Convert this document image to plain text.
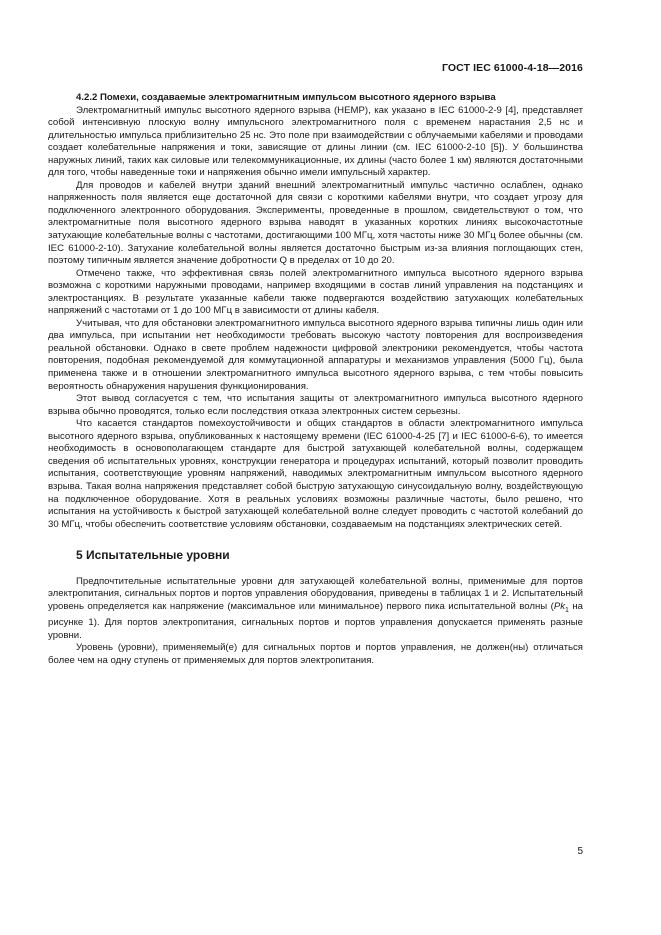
ГОСТ IEC 61000-4-18—2016

4.2.2 Помехи, создаваемые электромагнитным импульсом высотного ядерного взрыва

Электромагнитный импульс высотного ядерного взрыва (HEMP), как указано в IEC 61000-2-9 [4], представляет собой интенсивную плоскую волну импульсного электромагнитного поля с временем нарастания 2,5 нс и длительностью импульса приблизительно 25 нс. Это поле при взаимодействии с облучаемыми кабелями и проводами создает колебательные напряжения и токи, зависящие от длины линии (см. IEC 61000-2-10 [5]). У большинства наружных линий, таких как силовые или телекоммуникационные, их длины (часто более 1 км) являются достаточными для того, чтобы наведенные токи и напряжения обычно имели импульсный характер.

Для проводов и кабелей внутри зданий внешний электромагнитный импульс частично ослаблен, однако напряженность поля является еще достаточной для связи с короткими кабелями внутри, что создает угрозу для подключенного электронного оборудования. Эксперименты, проведенные в прошлом, свидетельствуют о том, что электромагнитные поля высотного ядерного взрыва наводят в указанных коротких линиях высокочастотные затухающие колебательные волны с частотами, достигающими 100 МГц, хотя частоты ниже 30 МГц более обычны (см. IEC 61000-2-10). Затухание колебательной волны является достаточно быстрым из-за влияния поглощающих стен, поэтому типичным является значение добротности Q в пределах от 10 до 20.

Отмечено также, что эффективная связь полей электромагнитного импульса высотного ядерного взрыва возможна с короткими наружными проводами, например входящими в состав линий управления на подстанциях и электростанциях. В результате указанные кабели также подвергаются воздействию затухающих колебательных напряжений с частотами от 1 до 100 МГц в зависимости от длины кабеля.

Учитывая, что для обстановки электромагнитного импульса высотного ядерного взрыва типичны лишь один или два импульса, при испытании нет необходимости требовать высокую частоту повторения для воспроизведения реальной обстановки. Однако в свете проблем надежности цифровой электроники рекомендуется, чтобы частота повторения, подобная рекомендуемой для коммутационной аппаратуры и механизмов управления (5000 Гц), была применена также и в отношении электромагнитного импульса высотного ядерного взрыва, с тем чтобы повысить вероятность обнаружения нарушения функционирования.

Этот вывод согласуется с тем, что испытания защиты от электромагнитного импульса высотного ядерного взрыва обычно проводятся, только если последствия отказа электронных систем серьезны.

Что касается стандартов помехоустойчивости и общих стандартов в области электромагнитного импульса высотного ядерного взрыва, опубликованных к настоящему времени (IEC 61000-4-25 [7] и IEC 61000-6-6), то имеется необходимость в основополагающем стандарте для быстрой затухающей колебательной волны, содержащем сведения об испытательных уровнях, конструкции генератора и процедурах испытаний, который позволит проводить испытания, соответствующие уровням напряжений, наводимых электромагнитным импульсом высотного ядерного взрыва. Такая волна напряжения представляет собой быструю затухающую синусоидальную волну, воздействующую на подключенное оборудование. Хотя в реальных условиях возможны различные частоты, было решено, что испытания на устойчивость к быстрой затухающей колебательной волне следует проводить с частотой колебаний до 30 МГц, чтобы обеспечить соответствие условиям обстановки, создаваемым на подстанциях электрических сетей.

5 Испытательные уровни

Предпочтительные испытательные уровни для затухающей колебательной волны, применимые для портов электропитания, сигнальных портов и портов управления оборудования, приведены в таблицах 1 и 2. Испытательный уровень определяется как напряжение (максимальное или минимальное) первого пика испытательной волны ($Pk_1$ на рисунке 1). Для портов электропитания, сигнальных портов и портов управления допускается применять разные уровни.

Уровень (уровни), применяемый(е) для сигнальных портов и портов управления, не должен(ны) отличаться более чем на одну ступень от применяемых для портов электропитания.

5
